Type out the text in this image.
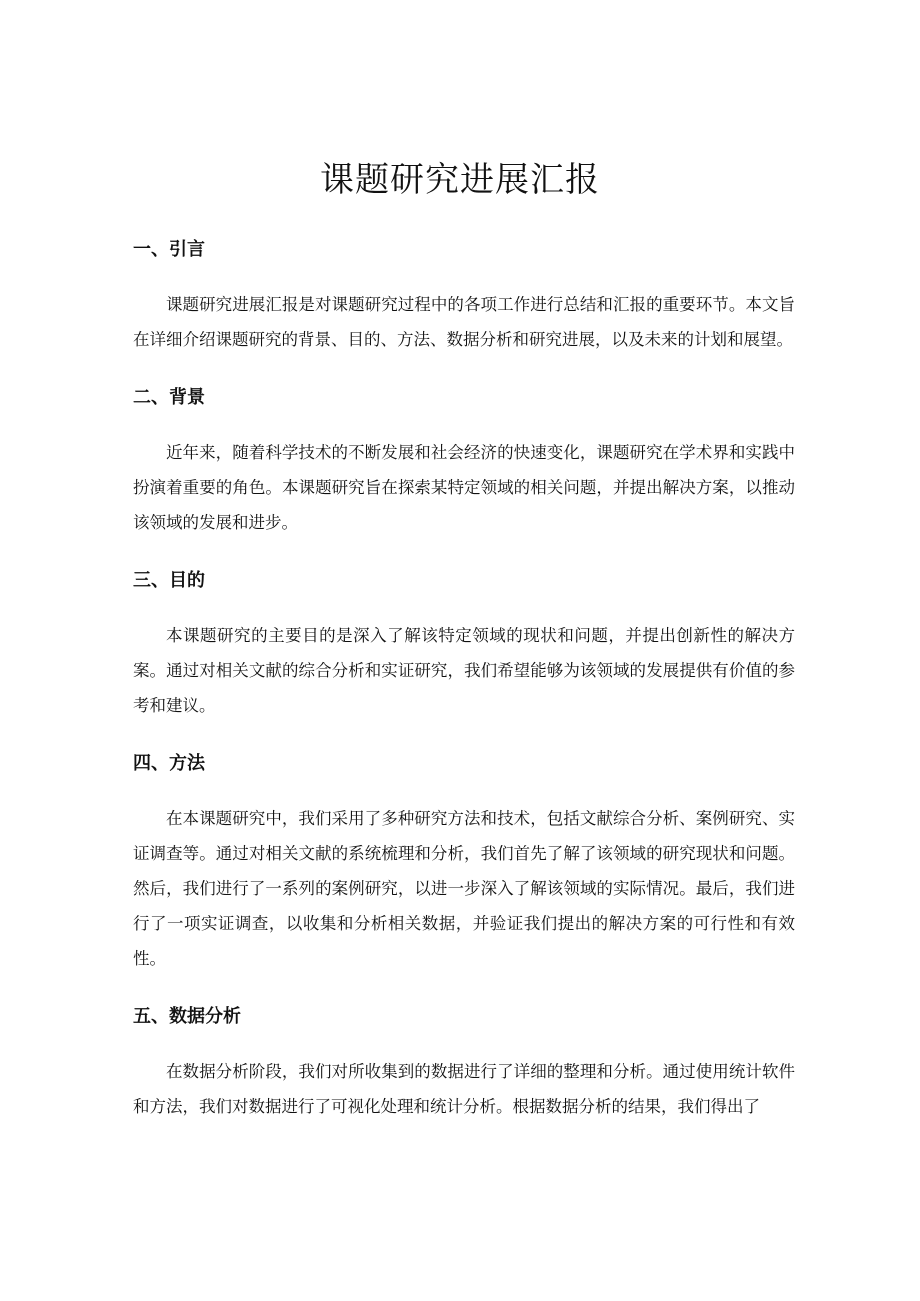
课题研究进展汇报
一、引言

课题研究进展汇报是对课题研究过程中的各项工作进行总结和汇报的重要环节。本文旨在详细介绍课题研究的背景、目的、方法、数据分析和研究进展，以及未来的计划和展望。

二、背景

近年来，随着科学技术的不断发展和社会经济的快速变化，课题研究在学术界和实践中扮演着重要的角色。本课题研究旨在探索某特定领域的相关问题，并提出解决方案，以推动该领域的发展和进步。

三、目的

本课题研究的主要目的是深入了解该特定领域的现状和问题，并提出创新性的解决方案。通过对相关文献的综合分析和实证研究，我们希望能够为该领域的发展提供有价值的参考和建议。

四、方法

在本课题研究中，我们采用了多种研究方法和技术，包括文献综合分析、案例研究、实证调查等。通过对相关文献的系统梳理和分析，我们首先了解了该领域的研究现状和问题。然后，我们进行了一系列的案例研究，以进一步深入了解该领域的实际情况。最后，我们进行了一项实证调查，以收集和分析相关数据，并验证我们提出的解决方案的可行性和有效性。

五、数据分析

在数据分析阶段，我们对所收集到的数据进行了详细的整理和分析。通过使用统计软件和方法，我们对数据进行了可视化处理和统计分析。根据数据分析的结果，我们得出了
